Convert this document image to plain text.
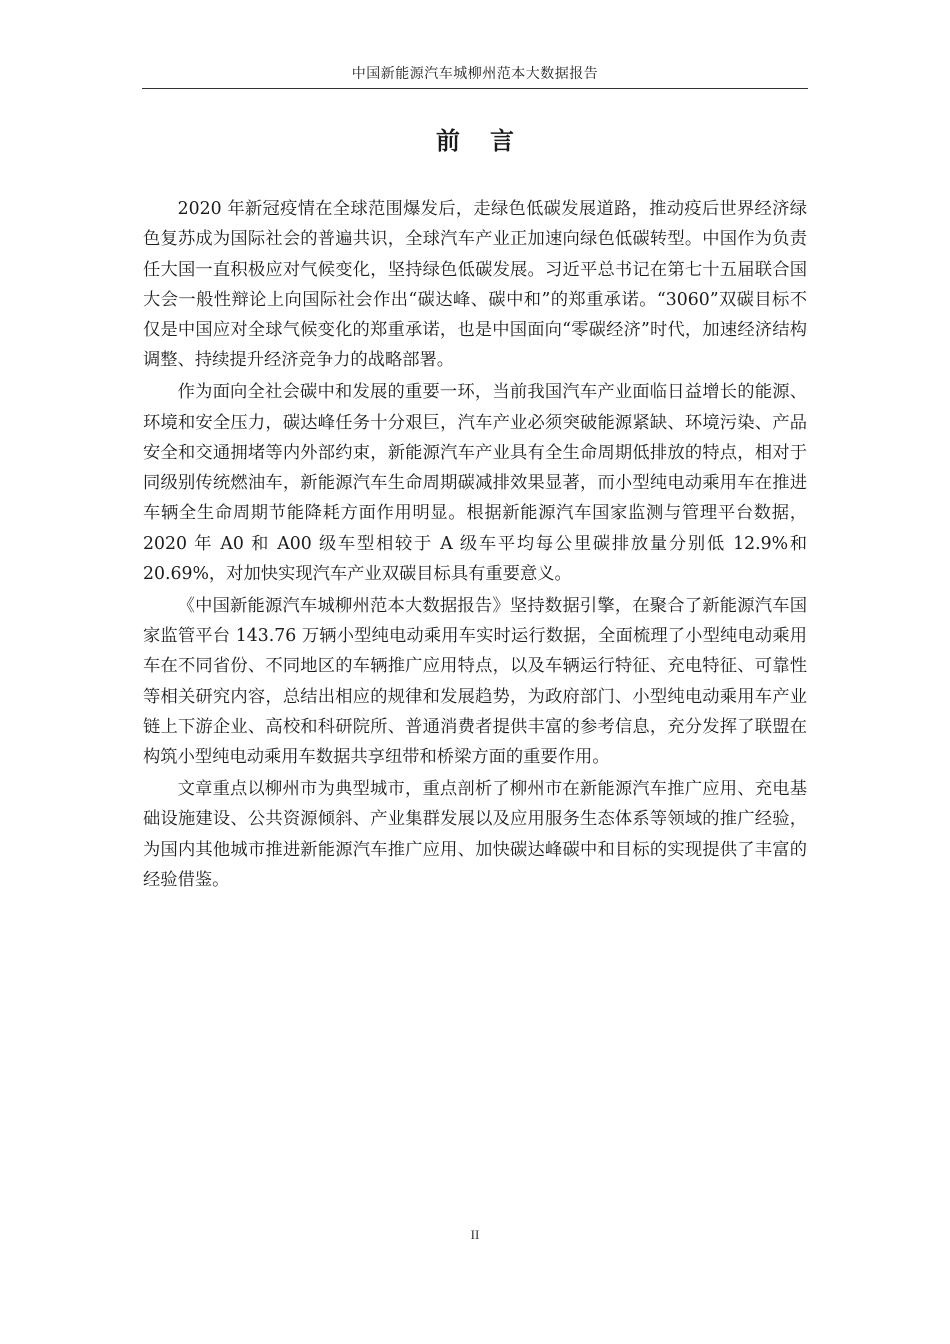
中国新能源汽车城柳州范本大数据报告
前言

2020 年新冠疫情在全球范围爆发后，走绿色低碳发展道路，推动疫后世界经济绿色复苏成为国际社会的普遍共识，全球汽车产业正加速向绿色低碳转型。中国作为负责任大国一直积极应对气候变化，坚持绿色低碳发展。习近平总书记在第七十五届联合国大会一般性辩论上向国际社会作出“碳达峰、碳中和”的郑重承诺。“3060”双碳目标不仅是中国应对全球气候变化的郑重承诺，也是中国面向“零碳经济”时代，加速经济结构调整、持续提升经济竞争力的战略部署。

作为面向全社会碳中和发展的重要一环，当前我国汽车产业面临日益增长的能源、环境和安全压力，碳达峰任务十分艰巨，汽车产业必须突破能源紧缺、环境污染、产品安全和交通拥堵等内外部约束，新能源汽车产业具有全生命周期低排放的特点，相对于同级别传统燃油车，新能源汽车生命周期碳减排效果显著，而小型纯电动乘用车在推进车辆全生命周期节能降耗方面作用明显。根据新能源汽车国家监测与管理平台数据，2020 年 A0 和 A00 级车型相较于 A 级车平均每公里碳排放量分别低 12.9%和 20.69%，对加快实现汽车产业双碳目标具有重要意义。

《中国新能源汽车城柳州范本大数据报告》坚持数据引擎，在聚合了新能源汽车国家监管平台 143.76 万辆小型纯电动乘用车实时运行数据，全面梳理了小型纯电动乘用车在不同省份、不同地区的车辆推广应用特点，以及车辆运行特征、充电特征、可靠性等相关研究内容，总结出相应的规律和发展趋势，为政府部门、小型纯电动乘用车产业链上下游企业、高校和科研院所、普通消费者提供丰富的参考信息，充分发挥了联盟在构筑小型纯电动乘用车数据共享纽带和桥梁方面的重要作用。

文章重点以柳州市为典型城市，重点剖析了柳州市在新能源汽车推广应用、充电基础设施建设、公共资源倾斜、产业集群发展以及应用服务生态体系等领域的推广经验，为国内其他城市推进新能源汽车推广应用、加快碳达峰碳中和目标的实现提供了丰富的经验借鉴。

II
